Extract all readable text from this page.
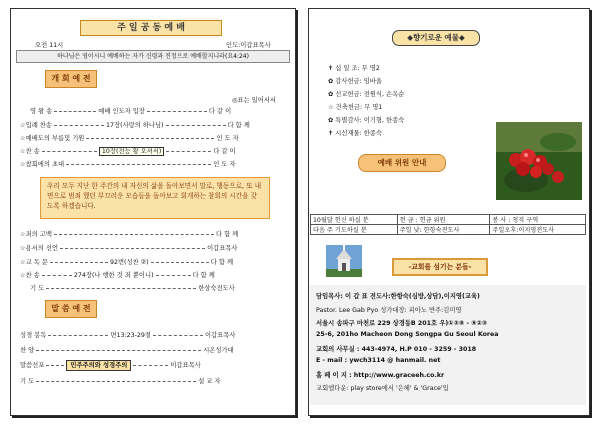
주 일 공 동 예 배
오전 11시	인도:이갑표목사
하나님은 영이시니 예배하는 자가 신령과 진정으로 예배할지니라(요4:24)
개 회 예 전
◎표는 일어서서
영 왕 송	예배 인도자 입장	다 같 이
☆입례 찬송	17장(사랑의 하나님)	다 함 께
☆예배도의 부름및 기원	인 도 자
☆찬 송	10장(전능 왕 오셔서)	다 같 이
☆참회에의 초대	인 도 자
우리 모두 지난 한 주간의 내 자신의 삶을 돌아보면서 말로, 행동으로, 또 내면으로 범죄 했던 부끄러운 모습들을 돌아보고 회개하는 참회의 시간을 갖도록 하겠습니다.
☆죄의 고백	다 함 께
☆용서의 선언	이갑표목사
☆교 독 문	92번(성찬 ②)	다 함 께
☆찬 송	274장(나 행한 것 죄 뿐이니)	다 함 께
기 도	한상숙전도사
말 씀 예 전
성경 봉독	면13:23-29절	이갑표목사
찬 양	시온성가대
말씀선포	민주주의와 성경주의	이갑표목사
기 도	설 교 자
◆향기로운 예물◆
✝ 십 일 조: 무 명2
✿ 감사헌금: 임바울
✿ 선교헌금: 전원식, 손옥순
☆ 건축헌금: 무 명1
✿ 특별감사: 이기형, 한종숙
✝ 시선재물: 한종숙
예배 위원 안내
10월달 헌신 하실 분	헌 금 : 헌금 위원	봉 사 : 청직 구역
다음 주 기도하실 분	주일 낮: 한항숙전도사	주일오후:이지영전도사
-교회를 섬기는 분들-
담임목사: 이 갑 표 전도사:한항숙(심방,상담),이지영(교육)
Pastor. Lee Gab Pyo 성가대장: 피아노 반주:김미영
서울시 송파구 마천로 229 상경동B 201호 우)①③⑧ - ⑨②③
25-6, 201ho Macheon Dong Songpa Gu Seoul Korea
교회의 사무실 : 443-4974, H.P 010 - 3259 - 3018
E - mail : ywch3114 @ hanmail. net
홈 페 이 지 : http://www.graceeh.co.kr
교회앱다운: play store에서 '은혜' & 'Grace'입
